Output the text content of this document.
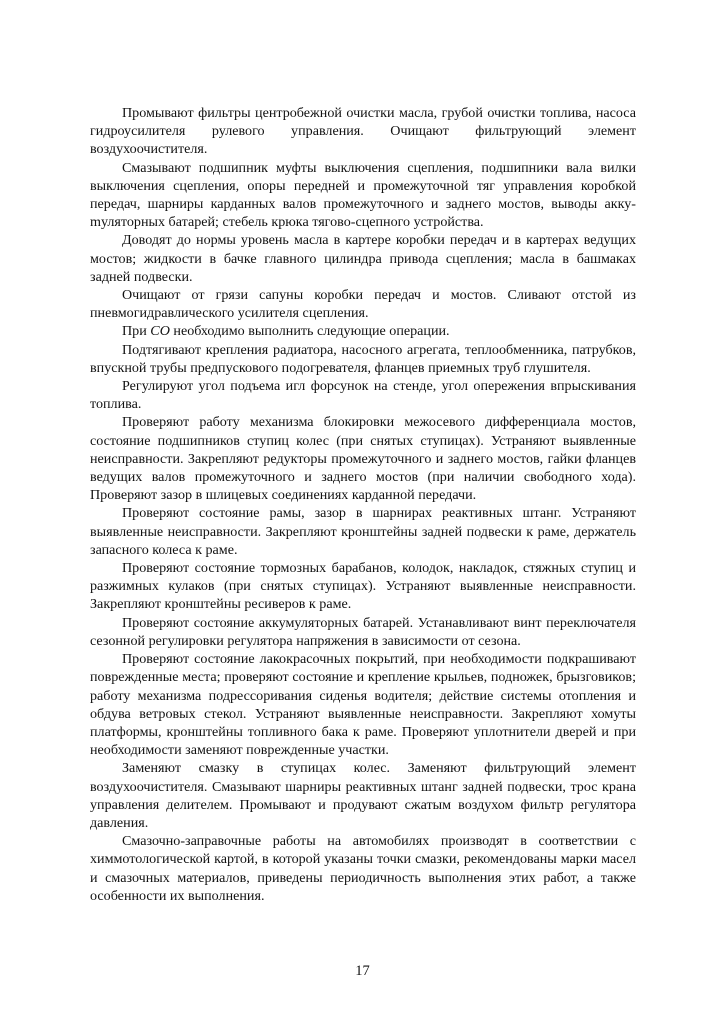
Промывают фильтры центробежной очистки масла, грубой очистки топлива, насоса гидроусилителя рулевого управления. Очищают фильтрующий элемент воздухоочистителя.

Смазывают подшипник муфты выключения сцепления, подшипники вала вилки выключения сцепления, опоры передней и промежуточной тяг управления коробкой передач, шарниры карданных валов промежуточного и заднего мостов, выводы аккуmуляторных батарей; стебель крюка тягово-сцепного устройства.

Доводят до нормы уровень масла в картере коробки передач и в картерах ведущих мостов; жидкости в бачке главного цилиндра привода сцепления; масла в башмаках задней подвески.

Очищают от грязи сапуны коробки передач и мостов. Сливают отстой из пневмогидравлического усилителя сцепления.

При СО необходимо выполнить следующие операции.

Подтягивают крепления радиатора, насосного агрегата, теплообменника, патрубков, впускной трубы предпускового подогревателя, фланцев приемных труб глушителя.

Регулируют угол подъема игл форсунок на стенде, угол опережения впрыскивания топлива.

Проверяют работу механизма блокировки межосевого дифференциала мостов, состояние подшипников ступиц колес (при снятых ступицах). Устраняют выявленные неисправности. Закрепляют редукторы промежуточного и заднего мостов, гайки фланцев ведущих валов промежуточного и заднего мостов (при наличии свободного хода). Проверяют зазор в шлицевых соединениях карданной передачи.

Проверяют состояние рамы, зазор в шарнирах реактивных штанг. Устраняют выявленные неисправности. Закрепляют кронштейны задней подвески к раме, держатель запасного колеса к раме.

Проверяют состояние тормозных барабанов, колодок, накладок, стяжных ступиц и разжимных кулаков (при снятых ступицах). Устраняют выявленные неисправности. Закрепляют кронштейны ресиверов к раме.

Проверяют состояние аккумуляторных батарей. Устанавливают винт переключателя сезонной регулировки регулятора напряжения в зависимости от сезона.

Проверяют состояние лакокрасочных покрытий, при необходимости подкрашивают поврежденные места; проверяют состояние и крепление крыльев, подножек, брызговиков; работу механизма подрессоривания сиденья водителя; действие системы отопления и обдува ветровых стекол. Устраняют выявленные неисправности. Закрепляют хомуты платформы, кронштейны топливного бака к раме. Проверяют уплотнители дверей и при необходимости заменяют поврежденные участки.

Заменяют смазку в ступицах колес. Заменяют фильтрующий элемент воздухоочистителя. Смазывают шарниры реактивных штанг задней подвески, трос крана управления делителем. Промывают и продувают сжатым воздухом фильтр регулятора давления.

Смазочно-заправочные работы на автомобилях производят в соответствии с химмотологической картой, в которой указаны точки смазки, рекомендованы марки масел и смазочных материалов, приведены периодичность выполнения этих работ, а также особенности их выполнения.

17
